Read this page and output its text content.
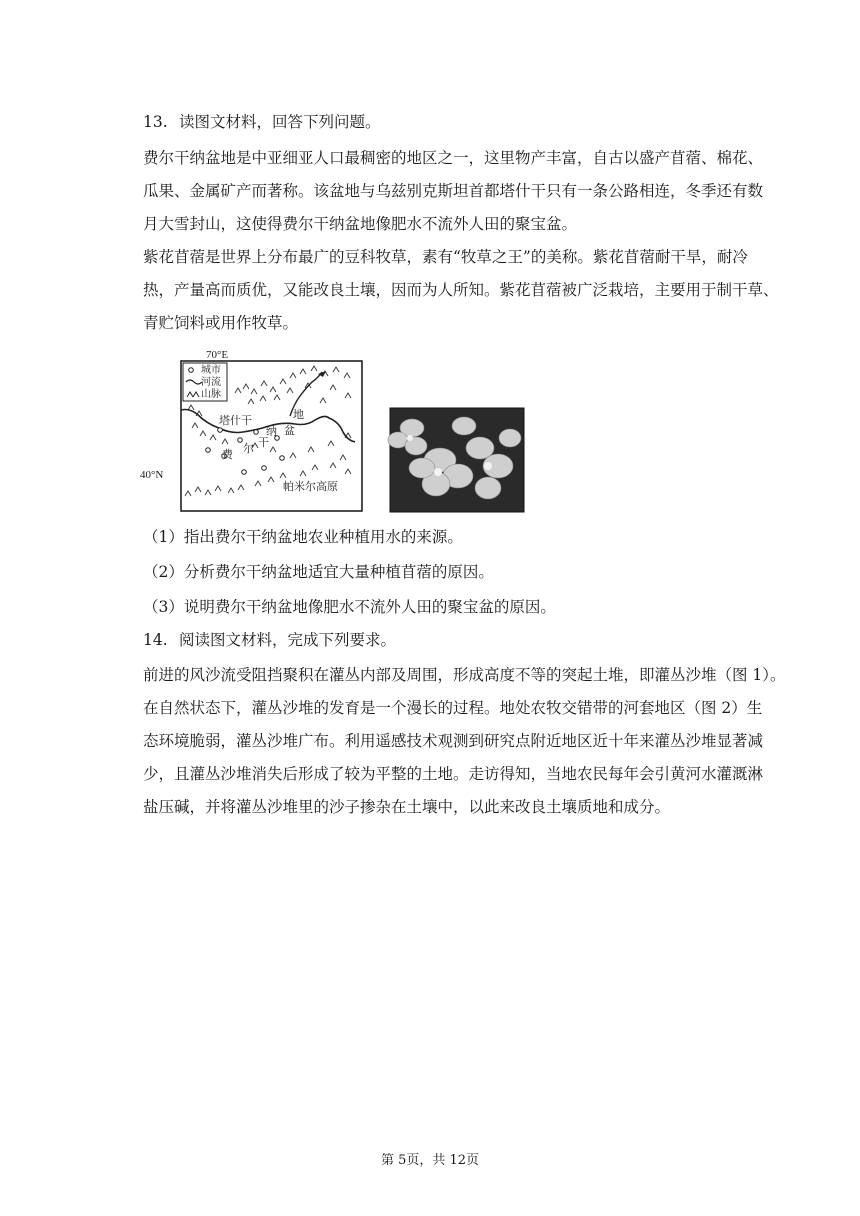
13. 读图文材料，回答下列问题。
费尔干纳盆地是中亚细亚人口最稠密的地区之一，这里物产丰富，自古以盛产苜蓿、棉花、
瓜果、金属矿产而著称。该盆地与乌兹别克斯坦首都塔什干只有一条公路相连，冬季还有数
月大雪封山，这使得费尔干纳盆地像肥水不流外人田的聚宝盆。
紫花苜蓿是世界上分布最广的豆科牧草，素有“牧草之王”的美称。紫花苜蓿耐干旱，耐冷
热，产量高而质优，又能改良土壤，因而为人所知。紫花苜蓿被广泛栽培，主要用于制干草、
青贮饲料或用作牧草。
70°E
40°N
城市
河流
山脉
塔什干
费 尔 干
纳 盆
地
帕米尔高原
（1）指出费尔干纳盆地农业种植用水的来源。
（2）分析费尔干纳盆地适宜大量种植苜蓿的原因。
（3）说明费尔干纳盆地像肥水不流外人田的聚宝盆的原因。
14. 阅读图文材料，完成下列要求。
前进的风沙流受阻挡聚积在灌丛内部及周围，形成高度不等的突起土堆，即灌丛沙堆（图 1）。
在自然状态下，灌丛沙堆的发育是一个漫长的过程。地处农牧交错带的河套地区（图 2）生
态环境脆弱，灌丛沙堆广布。利用遥感技术观测到研究点附近地区近十年来灌丛沙堆显著减
少，且灌丛沙堆消失后形成了较为平整的土地。走访得知，当地农民每年会引黄河水灌溉淋
盐压碱，并将灌丛沙堆里的沙子掺杂在土壤中，以此来改良土壤质地和成分。
第 5页，共 12页
